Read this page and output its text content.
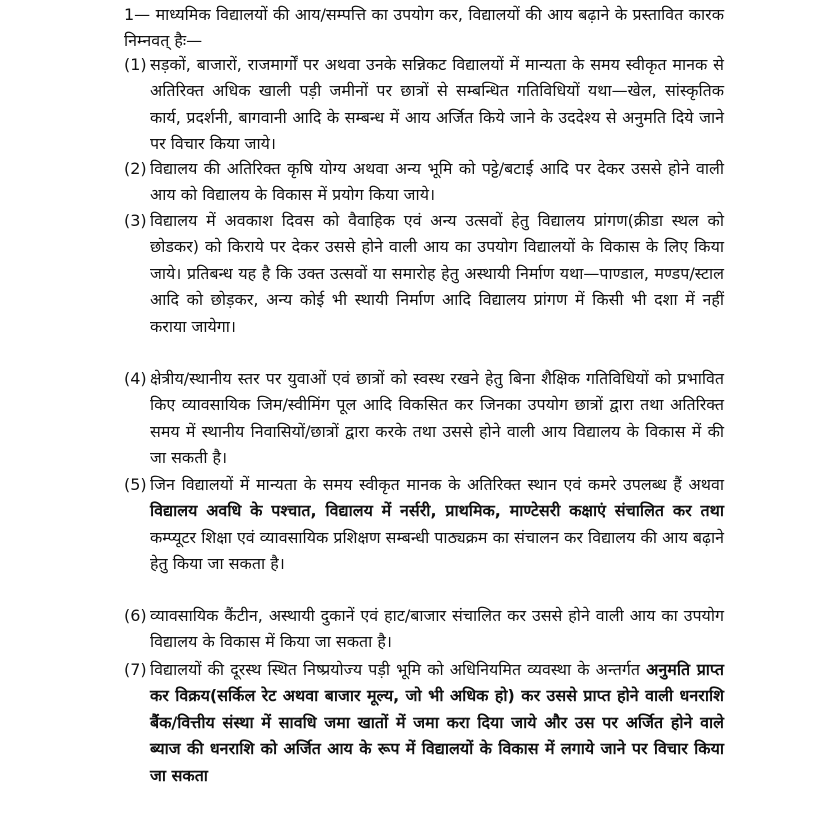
1— माध्यमिक विद्यालयों की आय/सम्पत्ति का उपयोग कर, विद्यालयों की आय बढ़ाने के प्रस्तावित कारक निम्नवत् हैः—
(1) सड़कों, बाजारों, राजमार्गों पर अथवा उनके सन्निकट विद्यालयों में मान्यता के समय स्वीकृत मानक से अतिरिक्त अधिक खाली पड़ी जमीनों पर छात्रों से सम्बन्धित गतिविधियों यथा—खेल, सांस्कृतिक कार्य, प्रदर्शनी, बागवानी आदि के सम्बन्ध में आय अर्जित किये जाने के उददेश्य से अनुमति दिये जाने पर विचार किया जाये।
(2) विद्यालय की अतिरिक्त कृषि योग्य अथवा अन्य भूमि को पट्टे/बटाई आदि पर देकर उससे होने वाली आय को विद्यालय के विकास में प्रयोग किया जाये।
(3) विद्यालय में अवकाश दिवस को वैवाहिक एवं अन्य उत्सवों हेतु विद्यालय प्रांगण(क्रीडा स्थल को छोडकर) को किराये पर देकर उससे होने वाली आय का उपयोग विद्यालयों के विकास के लिए किया जाये। प्रतिबन्ध यह है कि उक्त उत्सवों या समारोह हेतु अस्थायी निर्माण यथा—पाण्डाल, मण्डप/स्टाल आदि को छोड़कर, अन्य कोई भी स्थायी निर्माण आदि विद्यालय प्रांगण में किसी भी दशा में नहीं कराया जायेगा।
(4) क्षेत्रीय/स्थानीय स्तर पर युवाओं एवं छात्रों को स्वस्थ रखने हेतु बिना शैक्षिक गतिविधियों को प्रभावित किए व्यावसायिक जिम/स्वीमिंग पूल आदि विकसित कर जिनका उपयोग छात्रों द्वारा तथा अतिरिक्त समय में स्थानीय निवासियों/छात्रों द्वारा करके तथा उससे होने वाली आय विद्यालय के विकास में की जा सकती है।
(5) जिन विद्यालयों में मान्यता के समय स्वीकृत मानक के अतिरिक्त स्थान एवं कमरे उपलब्ध हैं अथवा विद्यालय अवधि के पश्चात, विद्यालय में नर्सरी, प्राथमिक, माण्टेसरी कक्षाएं संचालित कर तथा कम्प्यूटर शिक्षा एवं व्यावसायिक प्रशिक्षण सम्बन्धी पाठ्यक्रम का संचालन कर विद्यालय की आय बढ़ाने हेतु किया जा सकता है।
(6) व्यावसायिक कैंटीन, अस्थायी दुकानें एवं हाट/बाजार संचालित कर उससे होने वाली आय का उपयोग विद्यालय के विकास में किया जा सकता है।
(7) विद्यालयों की दूरस्थ स्थित निष्प्रयोज्य पड़ी भूमि को अधिनियमित व्यवस्था के अन्तर्गत अनुमति प्राप्त कर विक्रय(सर्किल रेट अथवा बाजार मूल्य, जो भी अधिक हो) कर उससे प्राप्त होने वाली धनराशि बैंक/वित्तीय संस्था में सावधि जमा खातों में जमा करा दिया जाये और उस पर अर्जित होने वाले ब्याज की धनराशि को अर्जित आय के रूप में विद्यालयों के विकास में लगाये जाने पर विचार किया जा सकता
